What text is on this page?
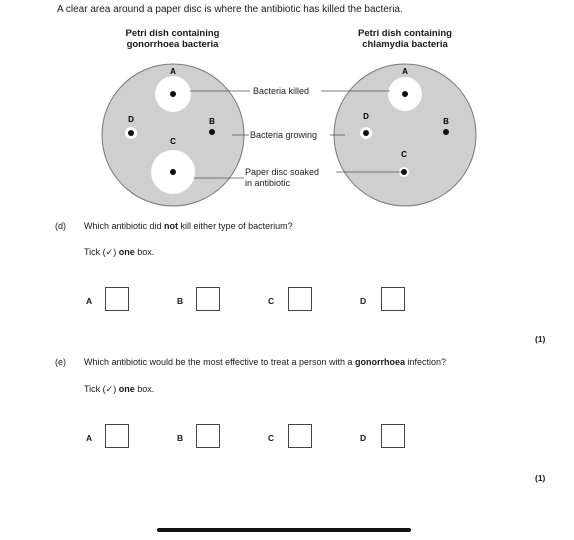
A clear area around a paper disc is where the antibiotic has killed the bacteria.
Petri dish containing
gonorrhoea bacteria
Petri dish containing
chlamydia bacteria
A
B
C
D
A
B
C
D
Bacteria killed
Bacteria growing
Paper disc soaked
in antibiotic
(d) Which antibiotic did not kill either type of bacterium?
Tick (✓) one box.
A	B	C	D
(1)
(e) Which antibiotic would be the most effective to treat a person with a gonorrhoea infection?
Tick (✓) one box.
A	B	C	D
(1)
